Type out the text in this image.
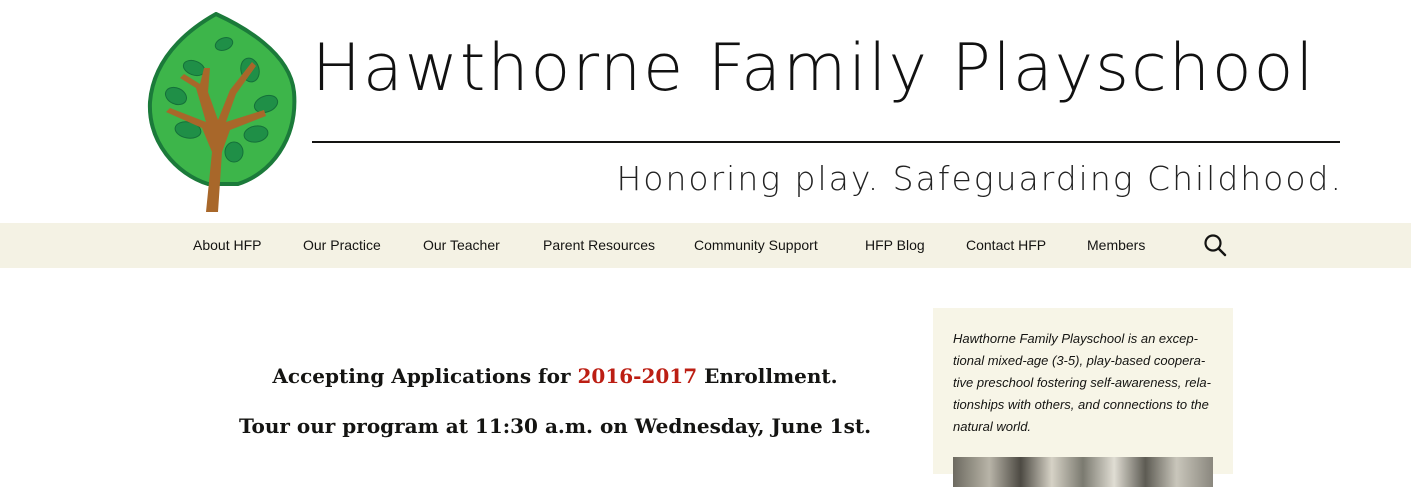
Hawthorne Family Playschool

Honoring play. Safeguarding Childhood.

About HFP	Our Practice	Our Teacher	Parent Resources	Community Support	HFP Blog	Contact HFP	Members

Accepting Applications for 2016-2017 Enrollment.

Tour our program at 11:30 a.m. on Wednesday, June 1st.

Hawthorne Family Playschool is an excep-tional mixed-age (3-5), play-based coopera-tive preschool fostering self-awareness, rela-tionships with others, and connections to the natural world.
